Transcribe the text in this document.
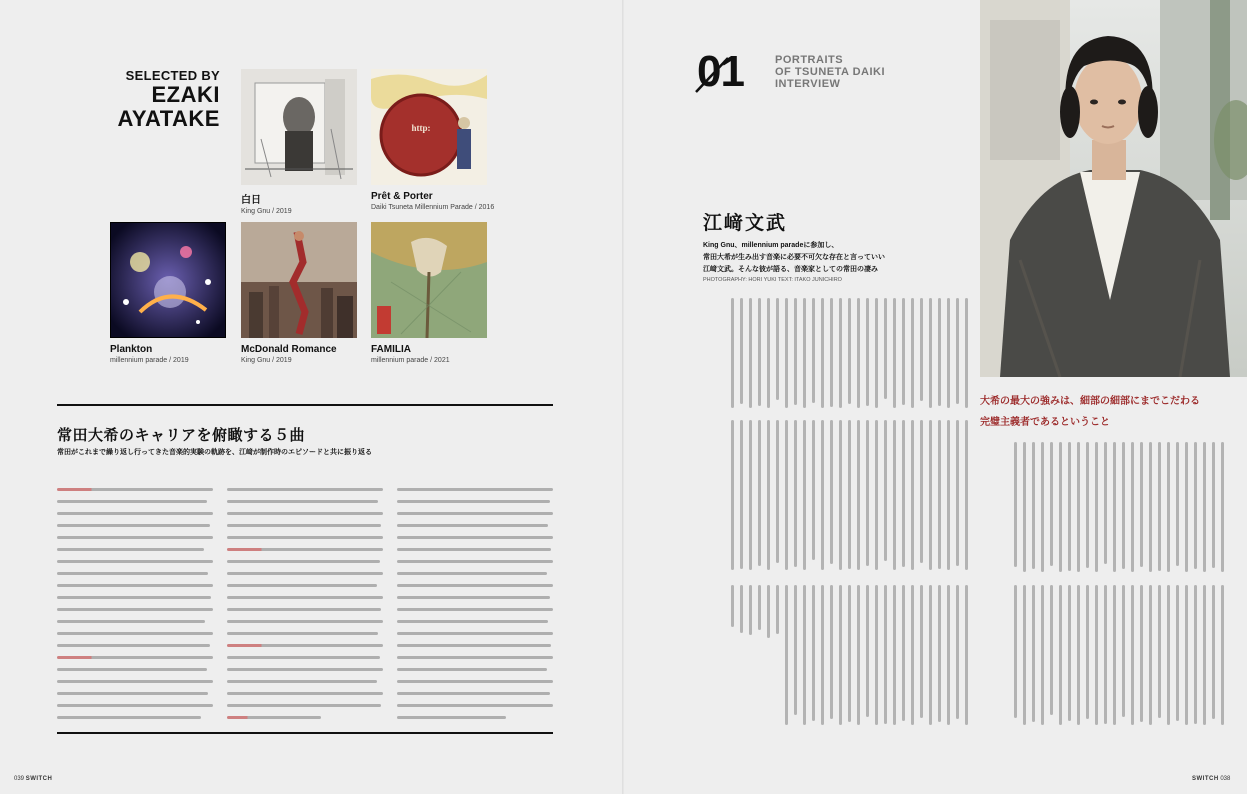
SELECTED BY
EZAKI
AYATAKE
白日
King Gnu / 2019
http:
Prêt & Porter
Daiki Tsuneta Millennium Parade / 2016
Plankton
millennium parade / 2019
McDonald Romance
King Gnu / 2019
FAMILIA
millennium parade / 2021
常田大希のキャリアを俯瞰する５曲
常田がこれまで繰り返し行ってきた音楽的実験の軌跡を、江﨑が制作時のエピソードと共に振り返る
01	PORTRAITS
OF TSUNETA DAIKI
INTERVIEW
江﨑文武
King Gnu、millennium paradeに参加し、
常田大希が生み出す音楽に必要不可欠な存在と言っていい
江﨑文武。そんな彼が語る、音楽家としての常田の凄み
PHOTOGRAPHY: HORI YUKI TEXT: ITAKO JUNICHIRO
大希の最大の強みは、細部の細部にまでこだわる
完璧主義者であるということ
039 SWITCH	SWITCH 038
